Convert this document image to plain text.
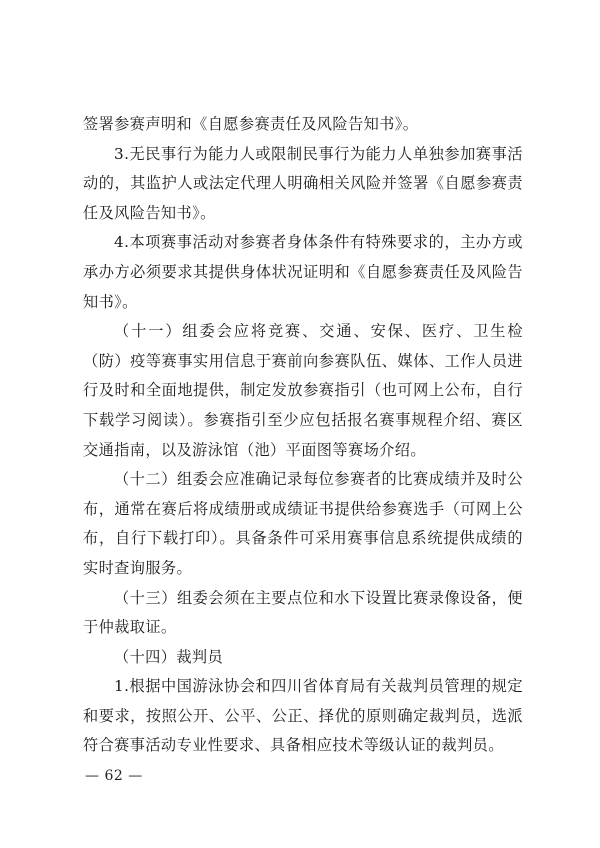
签署参赛声明和《自愿参赛责任及风险告知书》。

3.无民事行为能力人或限制民事行为能力人单独参加赛事活动的，其监护人或法定代理人明确相关风险并签署《自愿参赛责任及风险告知书》。

4.本项赛事活动对参赛者身体条件有特殊要求的，主办方或承办方必须要求其提供身体状况证明和《自愿参赛责任及风险告知书》。

（十一）组委会应将竞赛、交通、安保、医疗、卫生检（防）疫等赛事实用信息于赛前向参赛队伍、媒体、工作人员进行及时和全面地提供，制定发放参赛指引（也可网上公布，自行下载学习阅读）。参赛指引至少应包括报名赛事规程介绍、赛区交通指南，以及游泳馆（池）平面图等赛场介绍。

（十二）组委会应准确记录每位参赛者的比赛成绩并及时公布，通常在赛后将成绩册或成绩证书提供给参赛选手（可网上公布，自行下载打印）。具备条件可采用赛事信息系统提供成绩的实时查询服务。

（十三）组委会须在主要点位和水下设置比赛录像设备，便于仲裁取证。

（十四）裁判员

1.根据中国游泳协会和四川省体育局有关裁判员管理的规定和要求，按照公开、公平、公正、择优的原则确定裁判员，选派符合赛事活动专业性要求、具备相应技术等级认证的裁判员。

— 62 —
